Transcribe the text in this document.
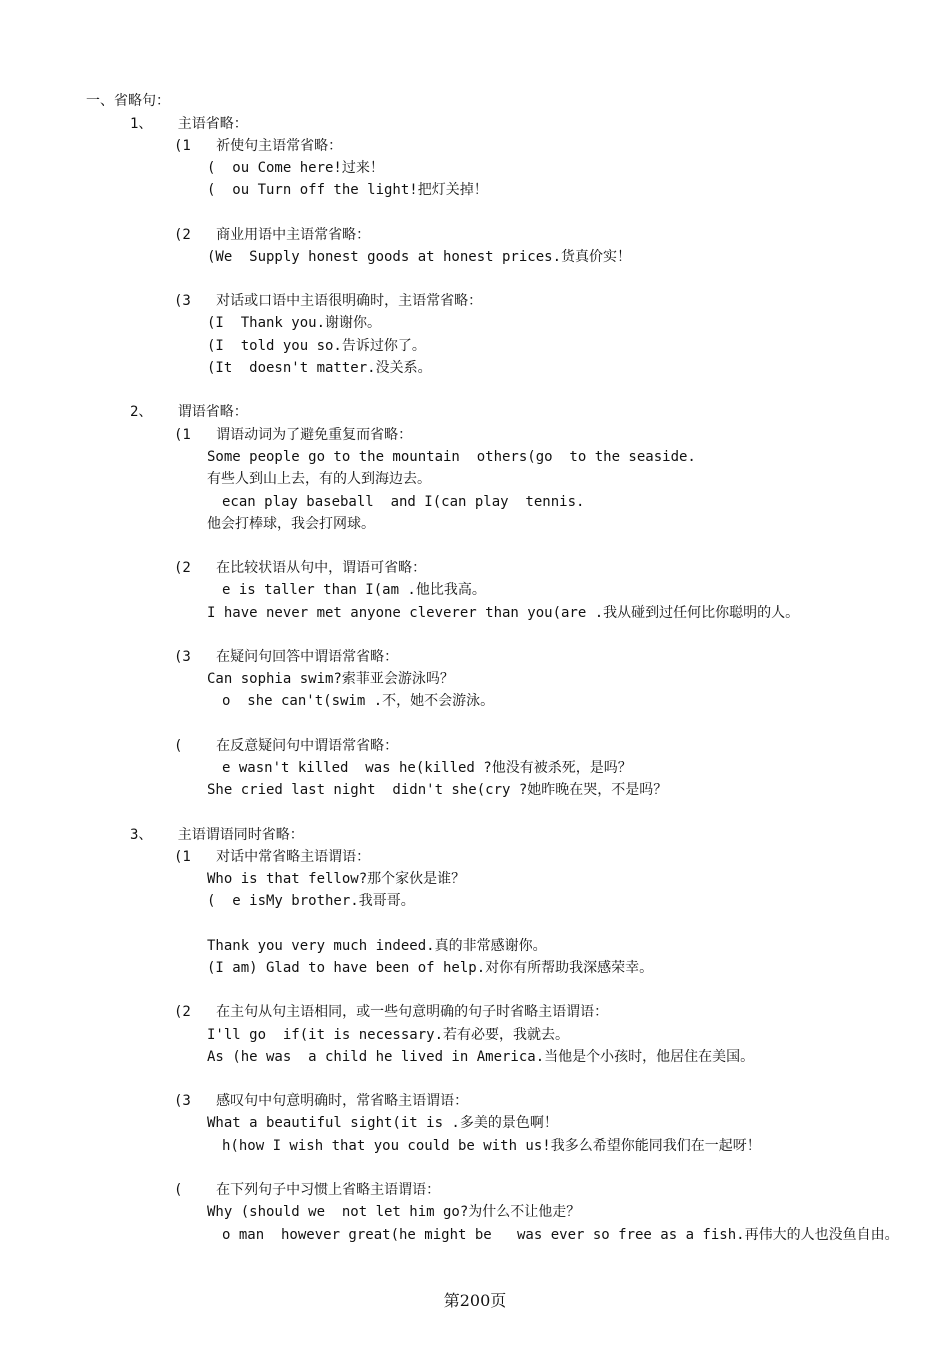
一、省略句：
1、   主语省略：
(1   祈使句主语常省略：
(  ou Come here!过来！
(  ou Turn off the light!把灯关掉！
(2   商业用语中主语常省略：
(We  Supply honest goods at honest prices.货真价实！
(3   对话或口语中主语很明确时，主语常省略：
(I  Thank you.谢谢你。
(I  told you so.告诉过你了。
(It  doesn't matter.没关系。
2、   谓语省略：
(1   谓语动词为了避免重复而省略：
Some people go to the mountain  others(go  to the seaside.
有些人到山上去，有的人到海边去。
ecan play baseball  and I(can play  tennis.
他会打棒球，我会打网球。
(2   在比较状语从句中，谓语可省略：
e is taller than I(am .他比我高。
I have never met anyone cleverer than you(are .我从碰到过任何比你聪明的人。
(3   在疑问句回答中谓语常省略：
Can sophia swim?索菲亚会游泳吗？
o  she can't(swim .不，她不会游泳。
(    在反意疑问句中谓语常省略：
e wasn't killed  was he(killed ?他没有被杀死，是吗？
She cried last night  didn't she(cry ?她昨晚在哭，不是吗？
3、   主语谓语同时省略：
(1   对话中常省略主语谓语：
Who is that fellow?那个家伙是谁？
(  e isMy brother.我哥哥。
Thank you very much indeed.真的非常感谢你。
(I am) Glad to have been of help.对你有所帮助我深感荣幸。
(2   在主句从句主语相同，或一些句意明确的句子时省略主语谓语：
I'll go  if(it is necessary.若有必要，我就去。
As (he was  a child he lived in America.当他是个小孩时，他居住在美国。
(3   感叹句中句意明确时，常省略主语谓语：
What a beautiful sight(it is .多美的景色啊！
h(how I wish that you could be with us!我多么希望你能同我们在一起呀！
(    在下列句子中习惯上省略主语谓语：
Why (should we  not let him go?为什么不让他走？
o man  however great(he might be   was ever so free as a fish.再伟大的人也没鱼自由。
第200页
